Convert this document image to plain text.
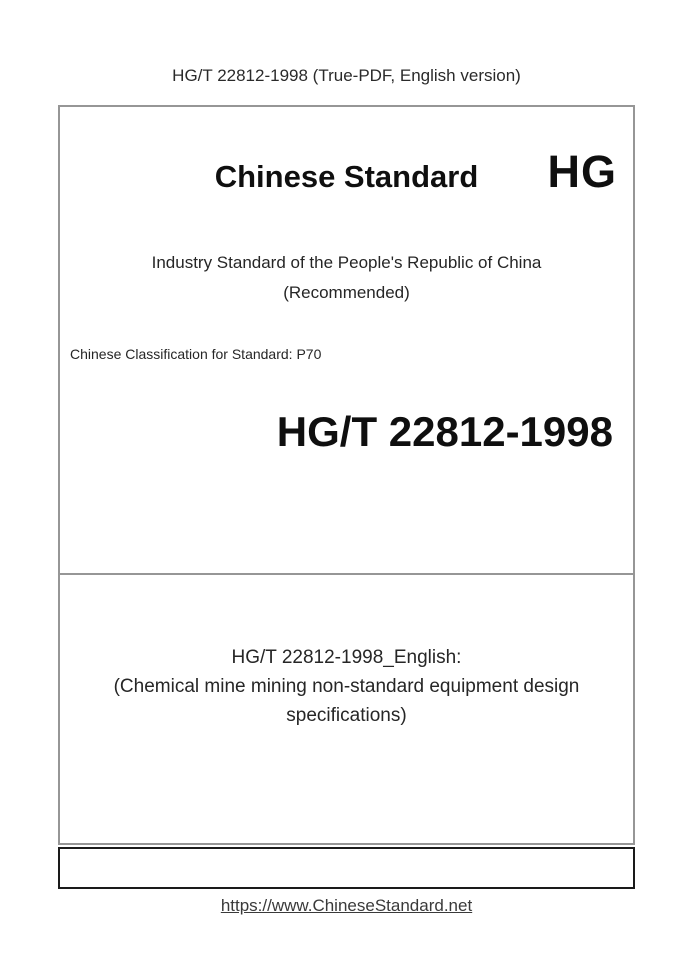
HG/T 22812-1998 (True-PDF, English version)

Chinese Standard HG
Industry Standard of the People's Republic of China
(Recommended)
Chinese Classification for Standard: P70

HG/T 22812-1998

HG/T 22812-1998_English:
(Chemical mine mining non-standard equipment design
specifications)
https://www.ChineseStandard.net
